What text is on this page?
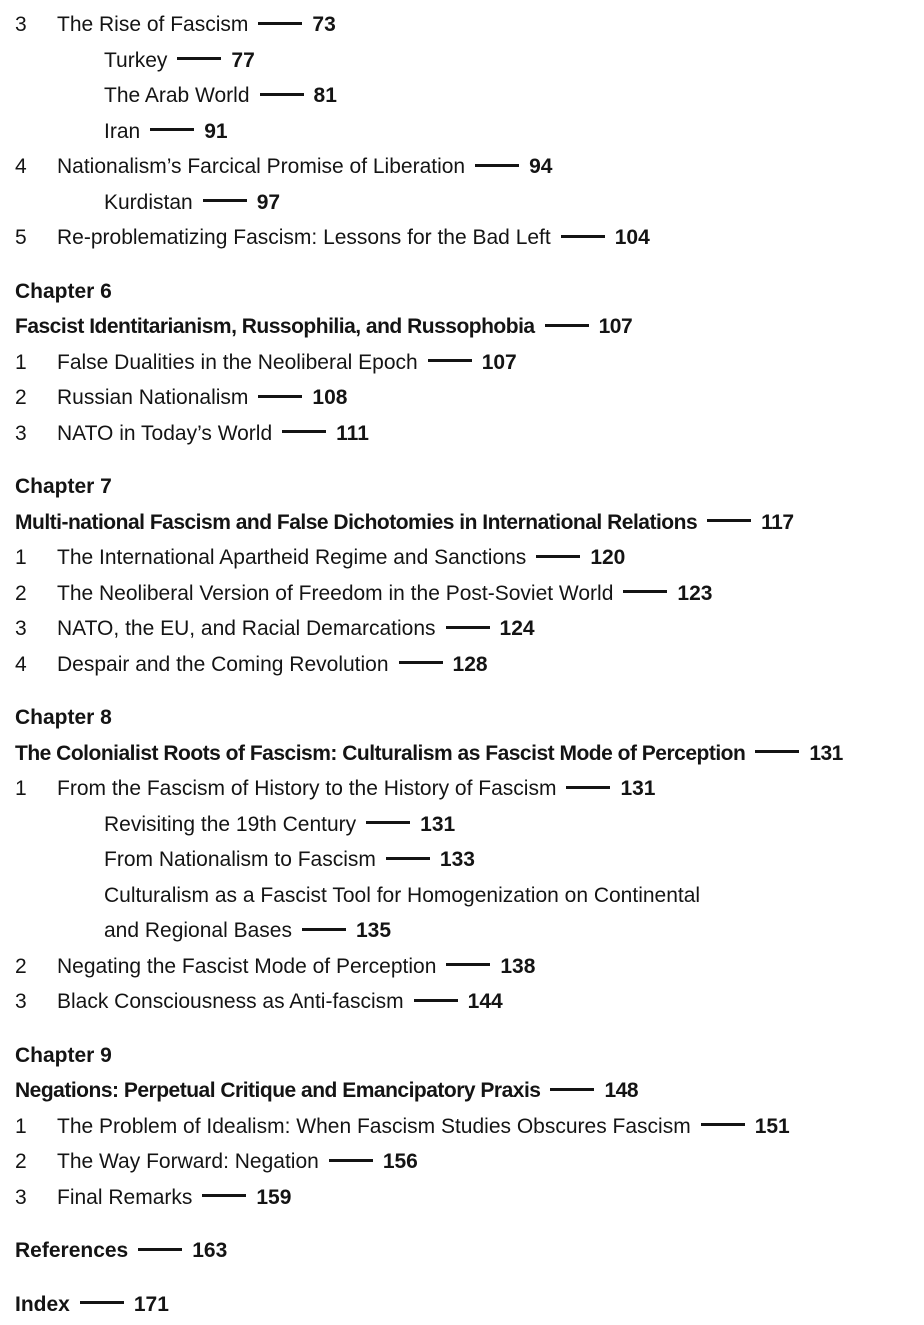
3 The Rise of Fascism	73
Turkey	77
The Arab World	81
Iran	91
4 Nationalism’s Farcical Promise of Liberation	94
Kurdistan	97
5 Re-problematizing Fascism: Lessons for the Bad Left	104
Chapter 6
Fascist Identitarianism, Russophilia, and Russophobia	107
1 False Dualities in the Neoliberal Epoch	107
2 Russian Nationalism	108
3 NATO in Today’s World	111
Chapter 7
Multi-national Fascism and False Dichotomies in International Relations	117
1 The International Apartheid Regime and Sanctions	120
2 The Neoliberal Version of Freedom in the Post-Soviet World	123
3 NATO, the EU, and Racial Demarcations	124
4 Despair and the Coming Revolution	128
Chapter 8
The Colonialist Roots of Fascism: Culturalism as Fascist Mode of Perception	131
1 From the Fascism of History to the History of Fascism	131
Revisiting the 19th Century	131
From Nationalism to Fascism	133
Culturalism as a Fascist Tool for Homogenization on Continental
and Regional Bases	135
2 Negating the Fascist Mode of Perception	138
3 Black Consciousness as Anti-fascism	144
Chapter 9
Negations: Perpetual Critique and Emancipatory Praxis	148
1 The Problem of Idealism: When Fascism Studies Obscures Fascism	151
2 The Way Forward: Negation	156
3 Final Remarks	159
References	163
Index	171
